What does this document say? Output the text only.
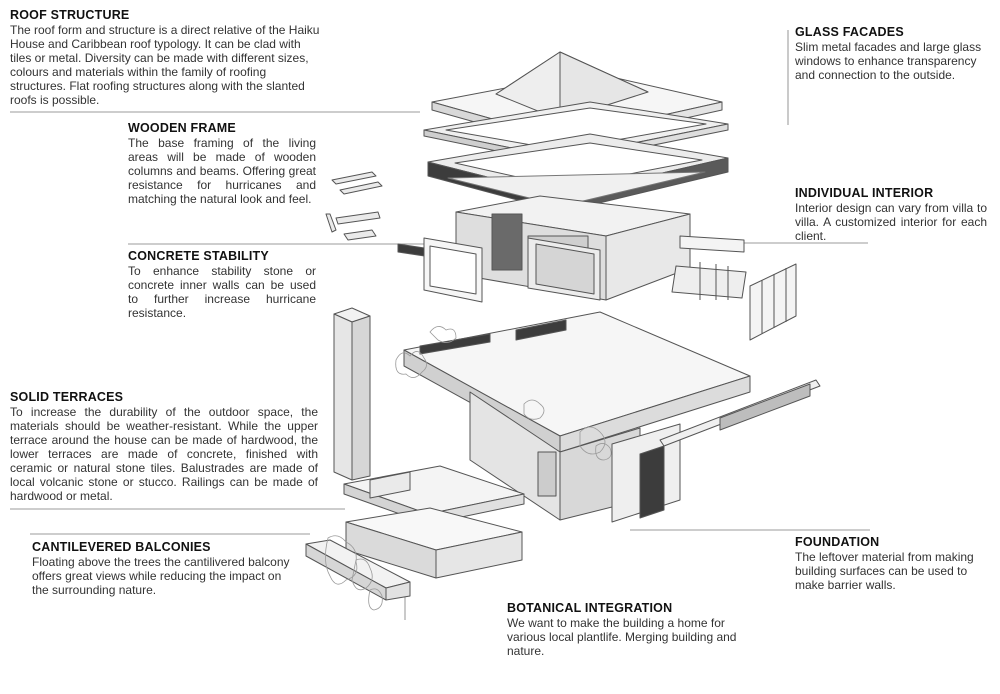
ROOF STRUCTURE

The roof form and structure is a direct relative of the Haiku House and Caribbean roof typology. It can be clad with tiles or metal. Diversity can be made with different sizes, colours and materials within the family of roofing structures. Flat roofing structures along with the slanted roofs is possible.

WOODEN FRAME

The base framing of the living areas will be made of wooden columns and beams. Offering great resistance for hurricanes and matching the natural look and feel.

CONCRETE STABILITY

To enhance stability stone or concrete inner walls can be used to further increase hurricane resistance.

SOLID TERRACES

To increase the durability of the outdoor space, the materials should be weather-resistant. While the upper terrace around the house can be made of hardwood, the lower terraces are made of concrete, finished with ceramic or natural stone tiles. Balustrades are made of local volcanic stone or stucco. Railings can be made of hardwood or metal.

CANTILEVERED BALCONIES

Floating above the trees the cantilivered balcony offers great views while reducing the impact on the surrounding nature.

GLASS FACADES

Slim metal facades and large glass windows to enhance transparency and connection to the outside.

INDIVIDUAL INTERIOR

Interior design can vary from villa to villa. A customized interior for each client.

FOUNDATION

The leftover material from making building surfaces can be used to make barrier walls.

BOTANICAL INTEGRATION

We want to make the building a home for various local plantlife. Merging building and nature.
